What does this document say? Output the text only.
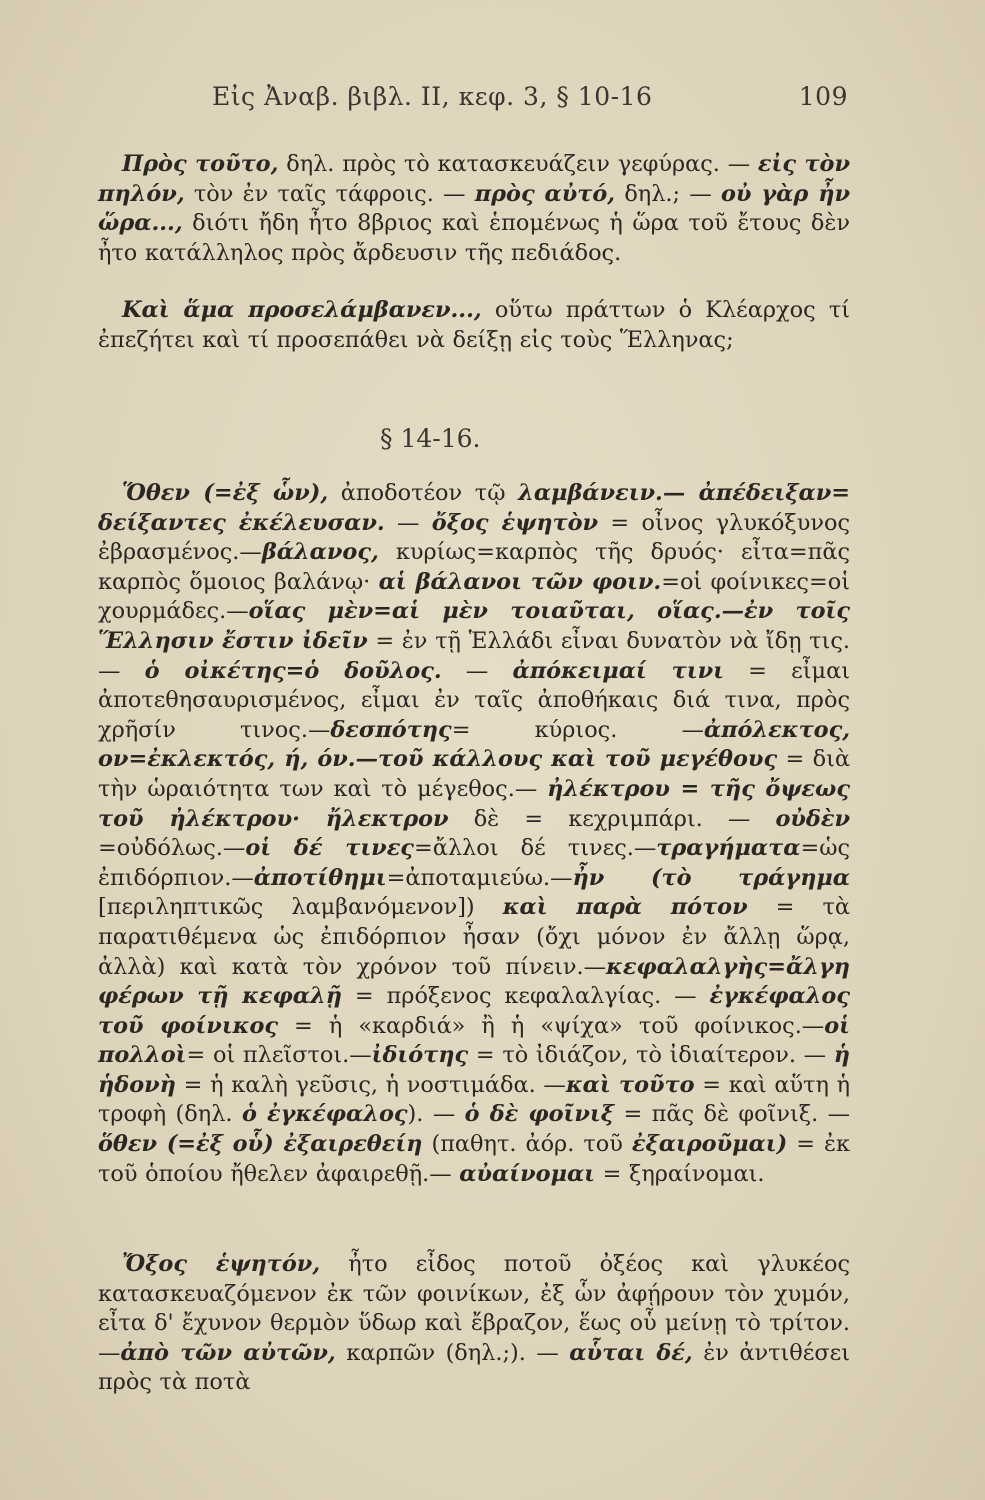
Εἰς Ἀναβ. βιβλ. II, κεφ. 3, § 10-16	109
Πρὸς τοῦτο, δηλ. πρὸς τὸ κατασκευάζειν γεφύρας. — εἰς τὸν πηλόν, τὸν ἐν ταῖς τάφροις. — πρὸς αὐτό, δηλ.; — οὐ γὰρ ἦν ὥρα..., διότι ἤδη ἦτο 8βριος καὶ ἑπομένως ἡ ὥρα τοῦ ἔτους δὲν ἦτο κατάλληλος πρὸς ἄρδευσιν τῆς πεδιάδος.
Καὶ ἅμα προσελάμβανεν..., οὕτω πράττων ὁ Κλέαρχος τί ἐπεζήτει καὶ τί προσεπάθει νὰ δείξῃ εἰς τοὺς Ἕλληνας;
§ 14-16.
Ὅθεν (=ἐξ ὧν), ἀποδοτέον τῷ λαμβάνειν.— ἀπέδειξαν= δείξαντες ἐκέλευσαν. — ὄξος ἑψητὸν = οἶνος γλυκόξυνος ἐβρασμένος.—βάλανος, κυρίως=καρπὸς τῆς δρυός· εἶτα=πᾶς καρπὸς ὅμοιος βαλάνῳ· αἱ βάλανοι τῶν φοιν.=οἱ φοίνικες=οἱ χουρμάδες.—οἵας μὲν=αἱ μὲν τοιαῦται, οἵας.—ἐν τοῖς Ἕλλησιν ἔστιν ἰδεῖν = ἐν τῇ Ἑλλάδι εἶναι δυνατὸν νὰ ἴδῃ τις. — ὁ οἰκέτης=ὁ δοῦλος. — ἀπόκειμαί τινι = εἶμαι ἀποτεθησαυρισμένος, εἶμαι ἐν ταῖς ἀποθήκαις διά τινα, πρὸς χρῆσίν τινος.—δεσπότης= κύριος. —ἀπόλεκτος, ον=ἐκλεκτός, ή, όν.—τοῦ κάλλους καὶ τοῦ μεγέθους = διὰ τὴν ὡραιότητα των καὶ τὸ μέγεθος.— ἠλέκτρου = τῆς ὄψεως τοῦ ἠλέκτρου· ἤλεκτρον δὲ = κεχριμπάρι. — οὐδὲν =οὐδόλως.—οἱ δέ τινες=ἄλλοι δέ τινες.—τραγήματα=ὡς ἐπιδόρπιον.—ἀποτίθημι=ἀποταμιεύω.—ἦν (τὸ τράγημα [περιληπτικῶς λαμβανόμενον]) καὶ παρὰ πότον = τὰ παρατιθέμενα ὡς ἐπιδόρπιον ἦσαν (ὄχι μόνον ἐν ἄλλῃ ὥρᾳ, ἀλλὰ) καὶ κατὰ τὸν χρόνον τοῦ πίνειν.—κεφαλαλγὴς=ἄλγη φέρων τῇ κεφαλῇ = πρόξενος κεφαλαλγίας. — ἐγκέφαλος τοῦ φοίνικος = ἡ «καρδιά» ἢ ἡ «ψίχα» τοῦ φοίνικος.—οἱ πολλοὶ= οἱ πλεῖστοι.—ἰδιότης = τὸ ἰδιάζον, τὸ ἰδιαίτερον. — ἡ ἡδονὴ = ἡ καλὴ γεῦσις, ἡ νοστιμάδα. —καὶ τοῦτο = καὶ αὕτη ἡ τροφὴ (δηλ. ὁ ἐγκέφαλος). — ὁ δὲ φοῖνιξ = πᾶς δὲ φοῖνιξ. — ὅθεν (=ἐξ οὗ) ἐξαιρεθείη (παθητ. ἀόρ. τοῦ ἐξαιροῦμαι) = ἐκ τοῦ ὁποίου ἤθελεν ἀφαιρεθῇ.— αὐαίνομαι = ξηραίνομαι.
Ὄξος ἑψητόν, ἦτο εἶδος ποτοῦ ὀξέος καὶ γλυκέος κατασκευαζόμενον ἐκ τῶν φοινίκων, ἐξ ὧν ἀφῄρουν τὸν χυμόν, εἶτα δ' ἔχυνον θερμὸν ὕδωρ καὶ ἔβραζον, ἕως οὗ μείνῃ τὸ τρίτον.—ἀπὸ τῶν αὐτῶν, καρπῶν (δηλ.;). — αὗται δέ, ἐν ἀντιθέσει πρὸς τὰ ποτὰ
